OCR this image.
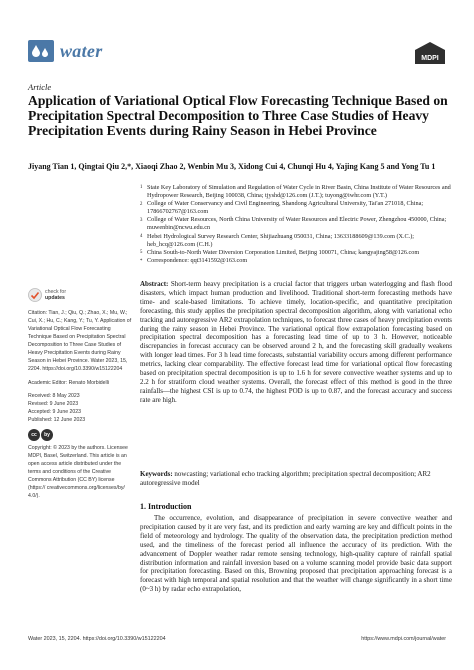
water	MDPI
Article
Application of Variational Optical Flow Forecasting Technique Based on Precipitation Spectral Decomposition to Three Case Studies of Heavy Precipitation Events during Rainy Season in Hebei Province
Jiyang Tian 1, Qingtai Qiu 2,*, Xiaoqi Zhao 2, Wenbin Mu 3, Xidong Cui 4, Chunqi Hu 4, Yajing Kang 5 and Yong Tu 1
1 State Key Laboratory of Simulation and Regulation of Water Cycle in River Basin, China Institute of Water Resources and Hydropower Research, Beijing 100038, China; tjyshd@126.com (J.T.); tuyong@iwhr.com (Y.T.)
2 College of Water Conservancy and Civil Engineering, Shandong Agricultural University, Tai'an 271018, China; 17866702767@163.com
3 College of Water Resources, North China University of Water Resources and Electric Power, Zhengzhou 450000, China; muwenbin@ncwu.edu.cn
4 Hebei Hydrological Survey Research Center, Shijiazhuang 050031, China; 13633188609@139.com (X.C.); heb_hcq@126.com (C.H.)
5 China South-to-North Water Diversion Corporation Limited, Beijing 100071, China; kangyajing58@126.com
* Correspondence: qqt3141592@163.com
check for
updates
Citation: Tian, J.; Qiu, Q.; Zhao, X.; Mu, W.; Cui, X.; Hu, C.; Kang, Y.; Tu, Y. Application of Variational Optical Flow Forecasting Technique Based on Precipitation Spectral Decomposition to Three Case Studies of Heavy Precipitation Events during Rainy Season in Hebei Province. Water 2023, 15, 2204. https://doi.org/10.3390/w15122204
Academic Editor: Renato Morbidelli
Received: 8 May 2023
Revised: 9 June 2023
Accepted: 9 June 2023
Published: 12 June 2023
cc	by
Copyright: © 2023 by the authors. Licensee MDPI, Basel, Switzerland. This article is an open access article distributed under the terms and conditions of the Creative Commons Attribution (CC BY) license (https:// creativecommons.org/licenses/by/ 4.0/).
Abstract: Short-term heavy precipitation is a crucial factor that triggers urban waterlogging and flash flood disasters, which impact human production and livelihood. Traditional short-term forecasting methods have time- and scale-based limitations. To achieve timely, location-specific, and quantitative precipitation forecasting, this study applies the precipitation spectral decomposition algorithm, along with variational echo tracking and autoregressive AR2 extrapolation techniques, to forecast three cases of heavy precipitation events during the rainy season in Hebei Province. The variational optical flow extrapolation forecasting based on precipitation spectral decomposition has a forecasting lead time of up to 3 h. However, noticeable discrepancies in forecast accuracy can be observed around 2 h, and the forecasting skill gradually weakens with longer lead times. For 3 h lead time forecasts, substantial variability occurs among different performance metrics, lacking clear comparability. The effective forecast lead time for variational optical flow forecasting based on precipitation spectral decomposition is up to 1.6 h for severe convective weather systems and up to 2.2 h for stratiform cloud weather systems. Overall, the forecast effect of this method is good in the three rainfalls—the highest CSI is up to 0.74, the highest POD is up to 0.87, and the forecast accuracy and success rate are high.
Keywords: nowcasting; variational echo tracking algorithm; precipitation spectral decomposition; AR2 autoregressive model
1. Introduction

The occurrence, evolution, and disappearance of precipitation in severe convective weather and precipitation caused by it are very fast, and its prediction and early warning are key and difficult points in the field of meteorology and hydrology. The quality of the observation data, the precipitation prediction method used, and the timeliness of the forecast period all influence the accuracy of its prediction. With the advancement of Doppler weather radar remote sensing technology, high-quality capture of rainfall spatial distribution information and rainfall inversion based on a volume scanning model provide basic data support for precipitation forecasting. Based on this, Browning proposed that precipitation approaching forecast is a forecast with high temporal and spatial resolution and that the weather will change significantly in a short time (0~3 h) by radar echo extrapolation,

Water 2023, 15, 2204. https://doi.org/10.3390/w15122204	https://www.mdpi.com/journal/water
